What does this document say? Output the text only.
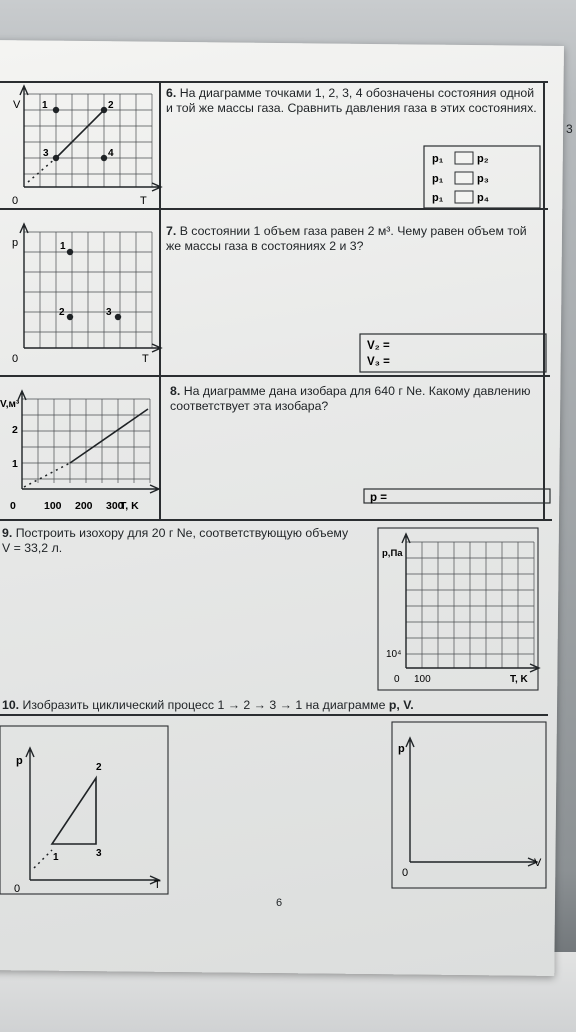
6. На диаграмме точками 1, 2, 3, 4 обозначены состояния одной и той же массы газа. Сравнить давления газа в этих состояниях.
p₁	p₂
p₁	p₃
p₁	p₄
V
T
0
1	2
3	4
7. В состоянии 1 объем газа равен 2 м³. Чему равен объем той же массы газа в состояниях 2 и 3?
V₂ =
V₃ =
p
T
0
1
2	3
8. На диаграмме дана изобара для 640 г Ne. Какому давлению соответствует эта изобара?
p =
V,м³
T, K
0
1
2
100 200 300
9. Построить изохору для 20 г Ne, соответствующую объему
V = 33,2 л.	p,Па
T, K
0
10⁴
100
10. Изобразить циклический процесс 1 → 2 → 3 → 1 на диаграмме p, V.
p
T
0
1
2
3
p
V
0
6
3
